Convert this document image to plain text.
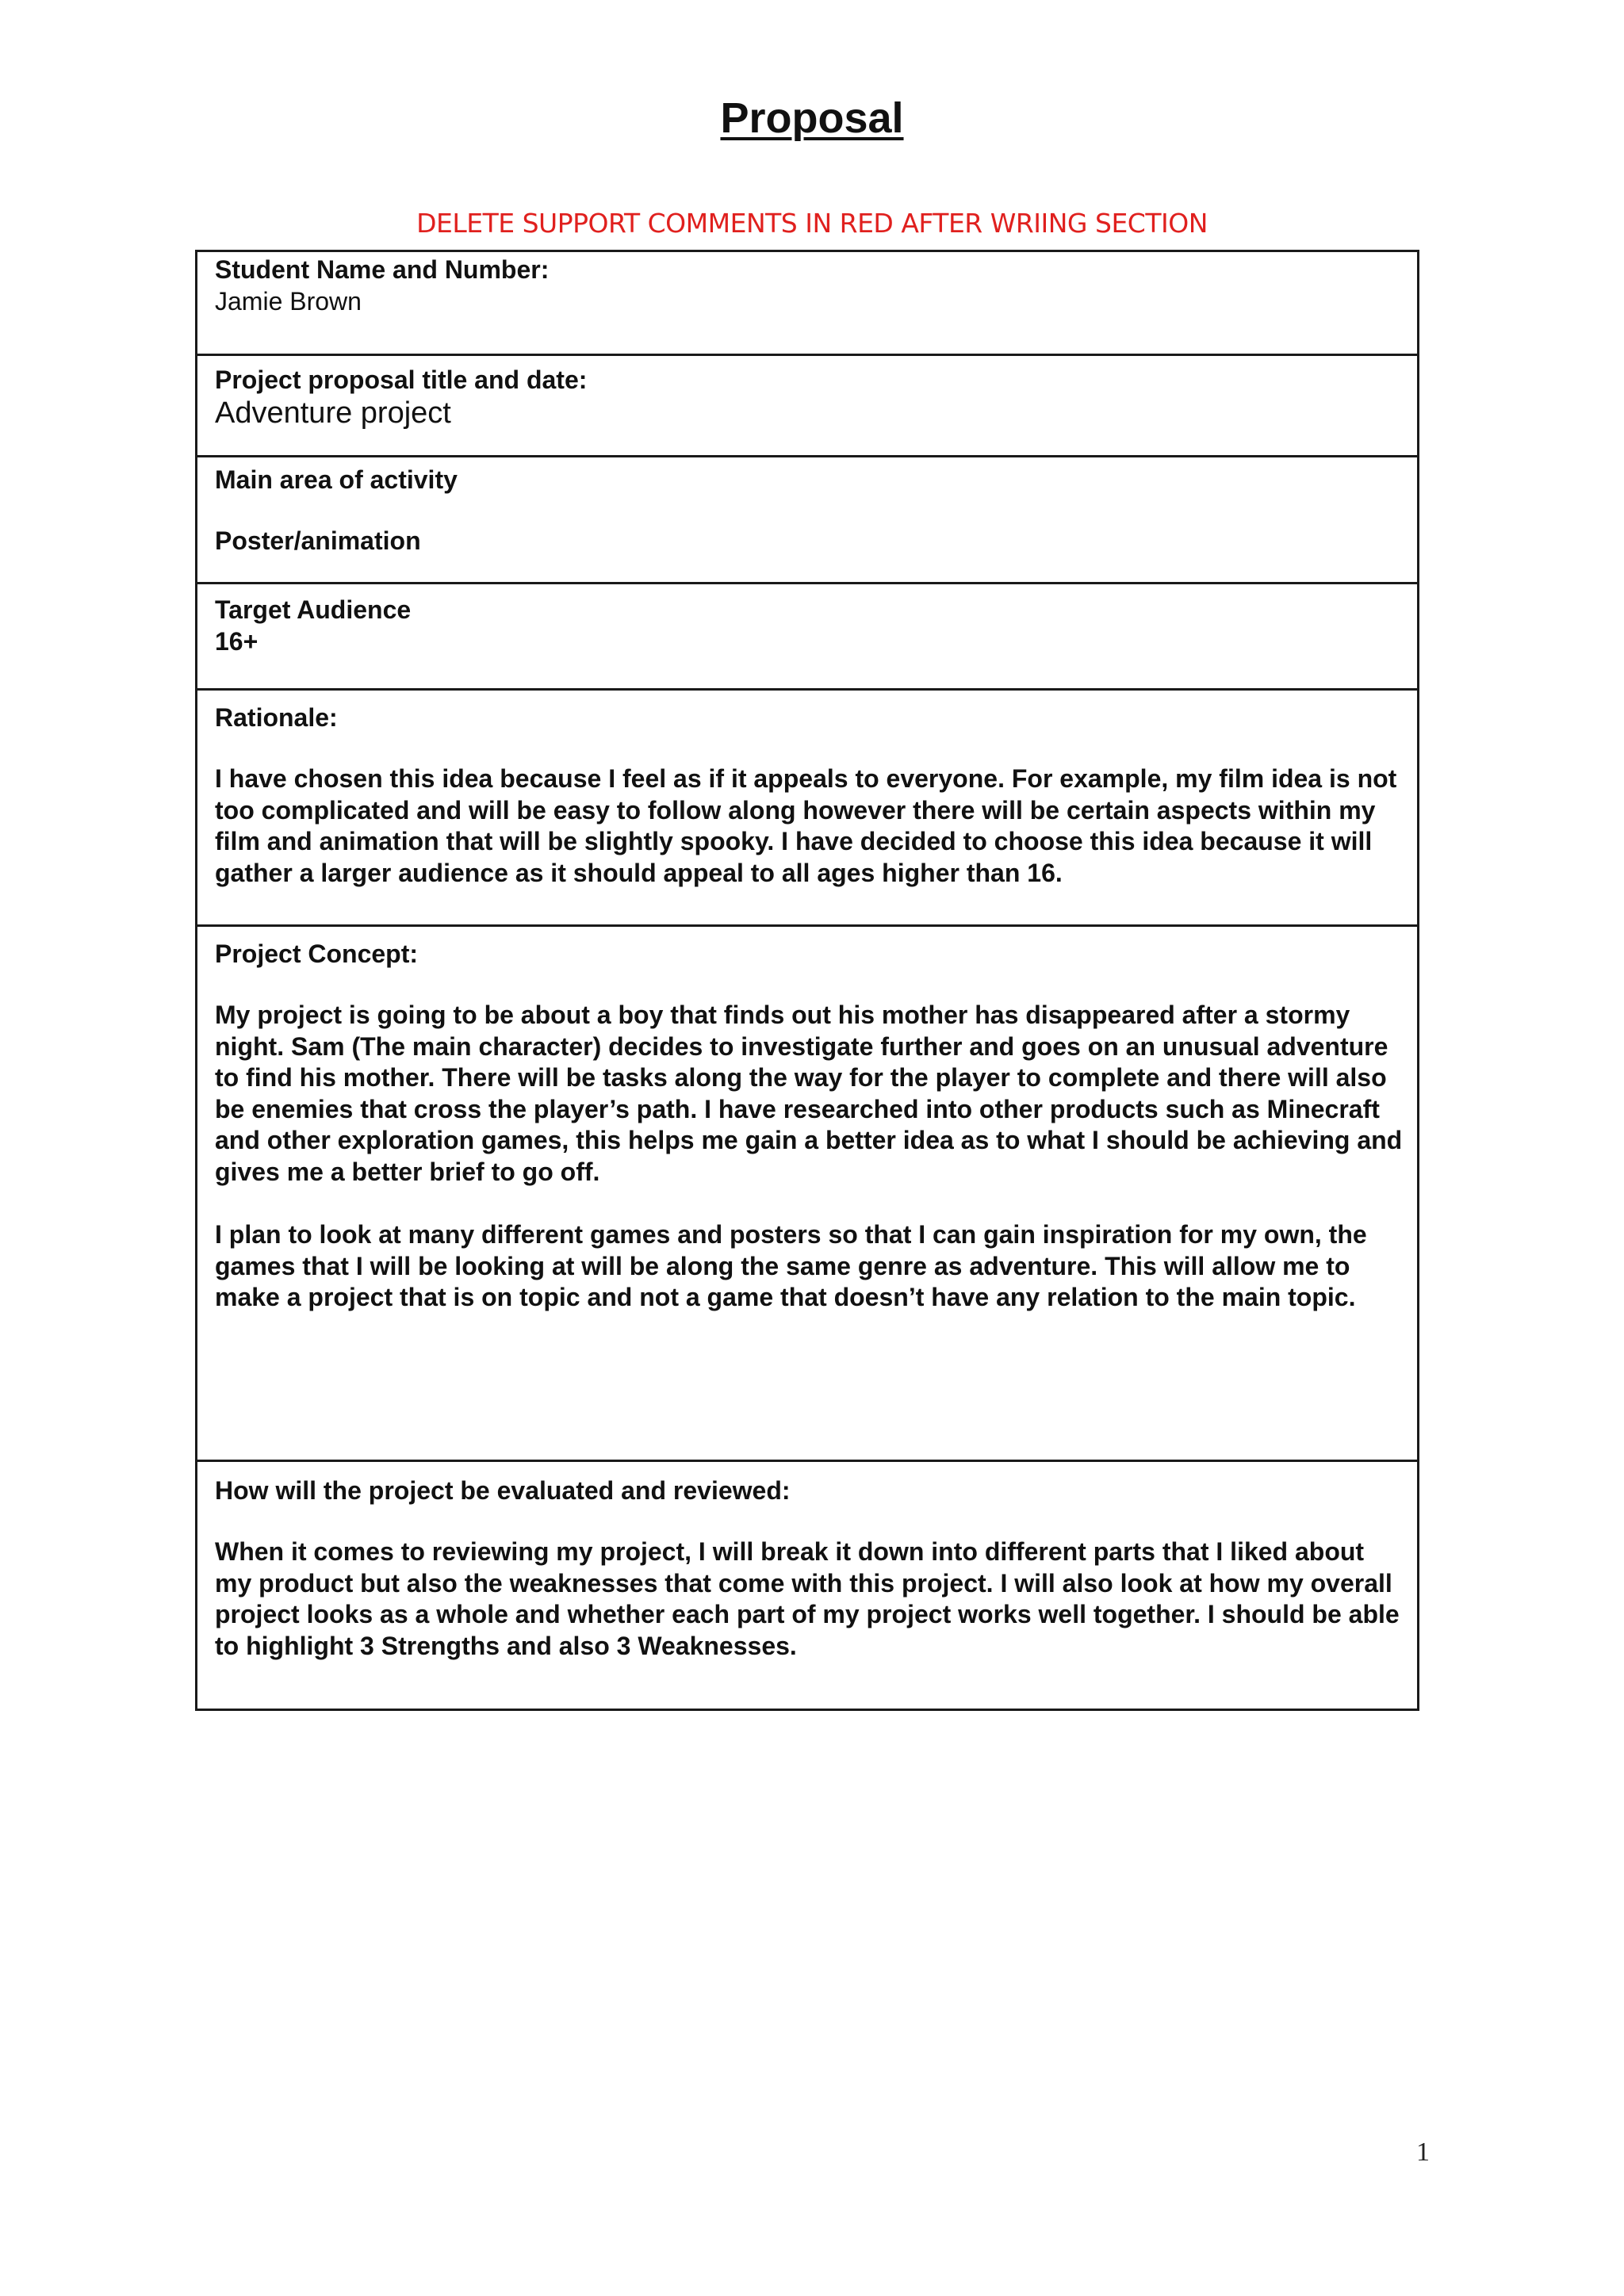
Proposal
DELETE SUPPORT COMMENTS IN RED AFTER WRIING SECTION

Student Name and Number:

Jamie Brown

Project proposal title and date:

Adventure project

Main area of activity

Poster/animation

Target Audience

16+

Rationale:

I have chosen this idea because I feel as if it appeals to everyone. For example, my film idea is not too complicated and will be easy to follow along however there will be certain aspects within my film and animation that will be slightly spooky. I have decided to choose this idea because it will gather a larger audience as it should appeal to all ages higher than 16.

Project Concept:

My project is going to be about a boy that finds out his mother has disappeared after a stormy night. Sam (The main character) decides to investigate further and goes on an unusual adventure to find his mother. There will be tasks along the way for the player to complete and there will also be enemies that cross the player’s path. I have researched into other products such as Minecraft and other exploration games, this helps me gain a better idea as to what I should be achieving and gives me a better brief to go off.

I plan to look at many different games and posters so that I can gain inspiration for my own, the games that I will be looking at will be along the same genre as adventure. This will allow me to make a project that is on topic and not a game that doesn’t have any relation to the main topic.

How will the project be evaluated and reviewed:

When it comes to reviewing my project, I will break it down into different parts that I liked about my product but also the weaknesses that come with this project. I will also look at how my overall project looks as a whole and whether each part of my project works well together. I should be able to highlight 3 Strengths and also 3 Weaknesses.

1
